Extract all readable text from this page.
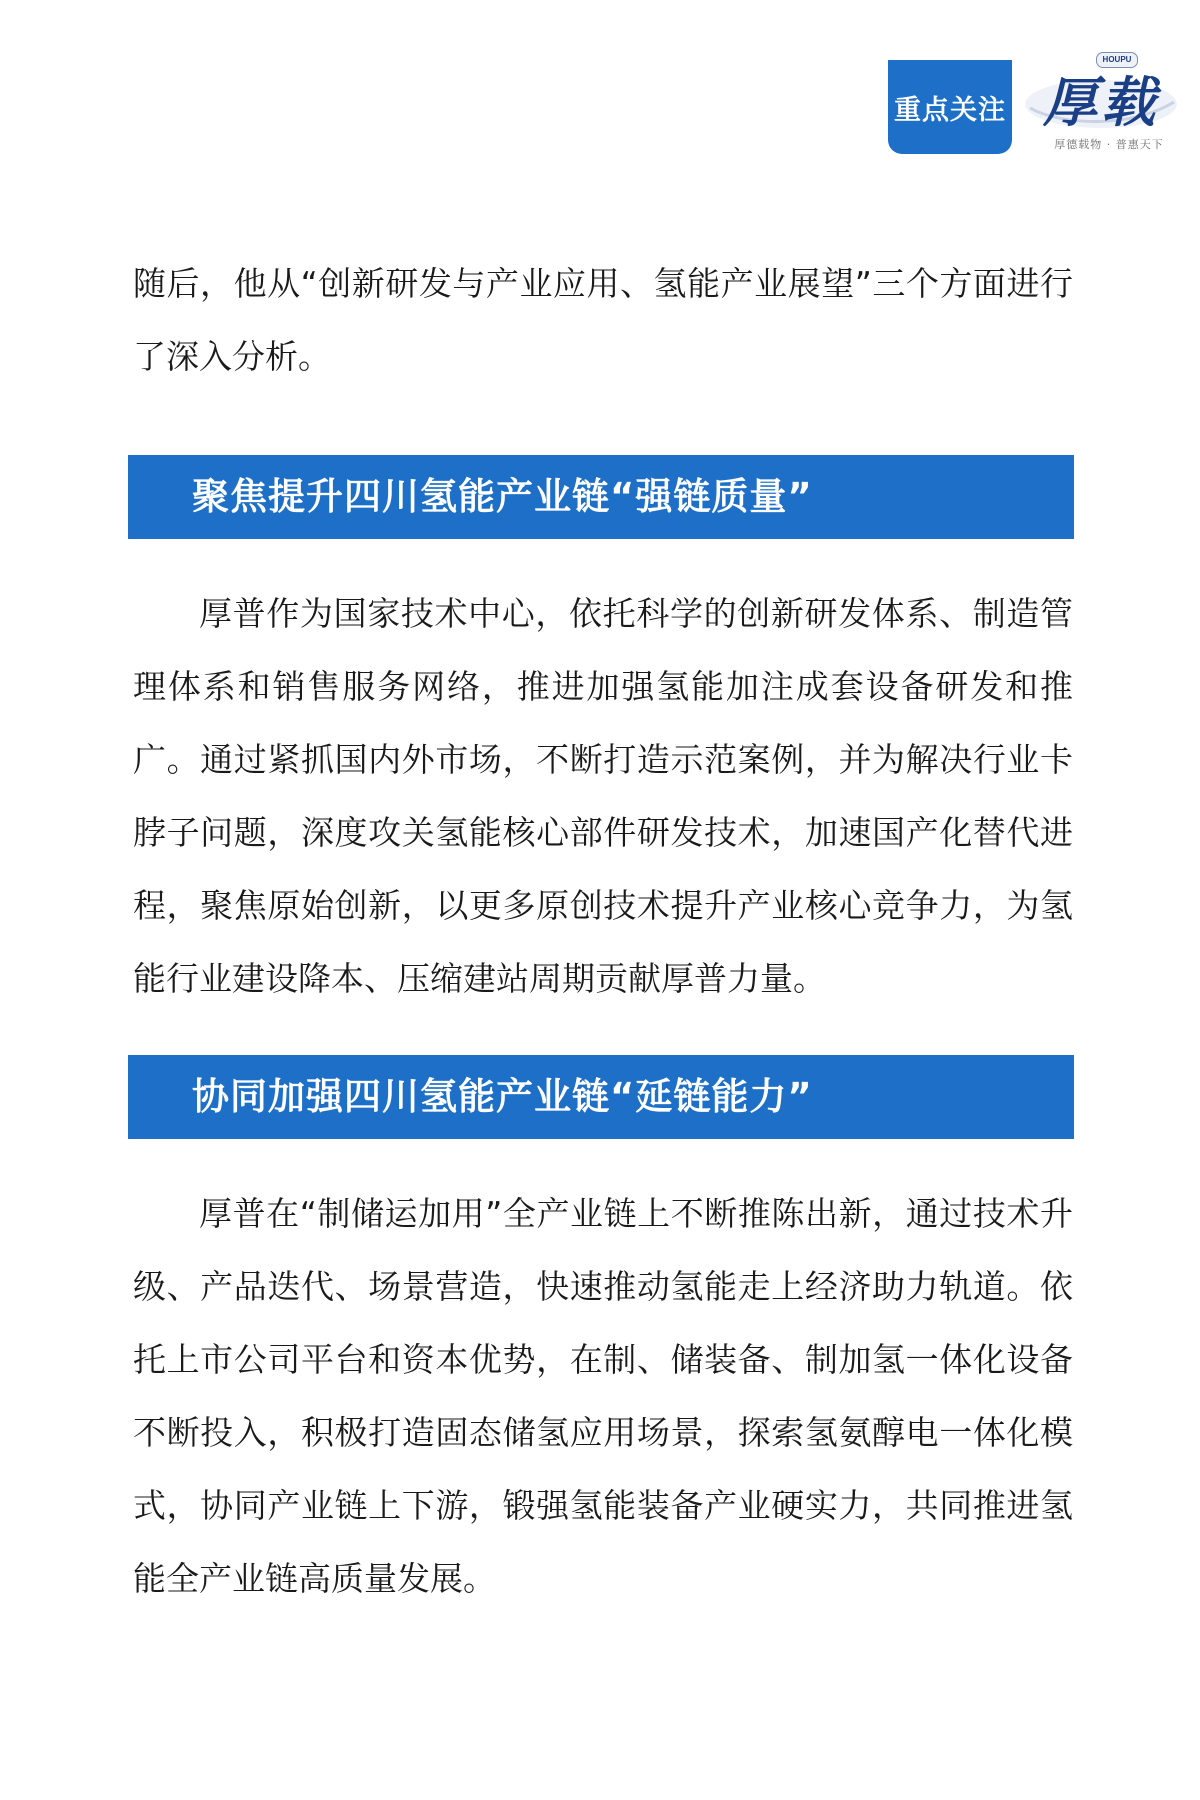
重点关注
HOUPU
厚载
厚德载物 · 普惠天下

随后，他从“创新研发与产业应用、氢能产业展望”三个方面进行了深入分析。

聚焦提升四川氢能产业链“强链质量”

厚普作为国家技术中心，依托科学的创新研发体系、制造管理体系和销售服务网络，推进加强氢能加注成套设备研发和推广。通过紧抓国内外市场，不断打造示范案例，并为解决行业卡脖子问题，深度攻关氢能核心部件研发技术，加速国产化替代进程，聚焦原始创新，以更多原创技术提升产业核心竞争力，为氢能行业建设降本、压缩建站周期贡献厚普力量。

协同加强四川氢能产业链“延链能力”

厚普在“制储运加用”全产业链上不断推陈出新，通过技术升级、产品迭代、场景营造，快速推动氢能走上经济助力轨道。依托上市公司平台和资本优势，在制、储装备、制加氢一体化设备不断投入，积极打造固态储氢应用场景，探索氢氨醇电一体化模式，协同产业链上下游，锻强氢能装备产业硬实力，共同推进氢能全产业链高质量发展。
